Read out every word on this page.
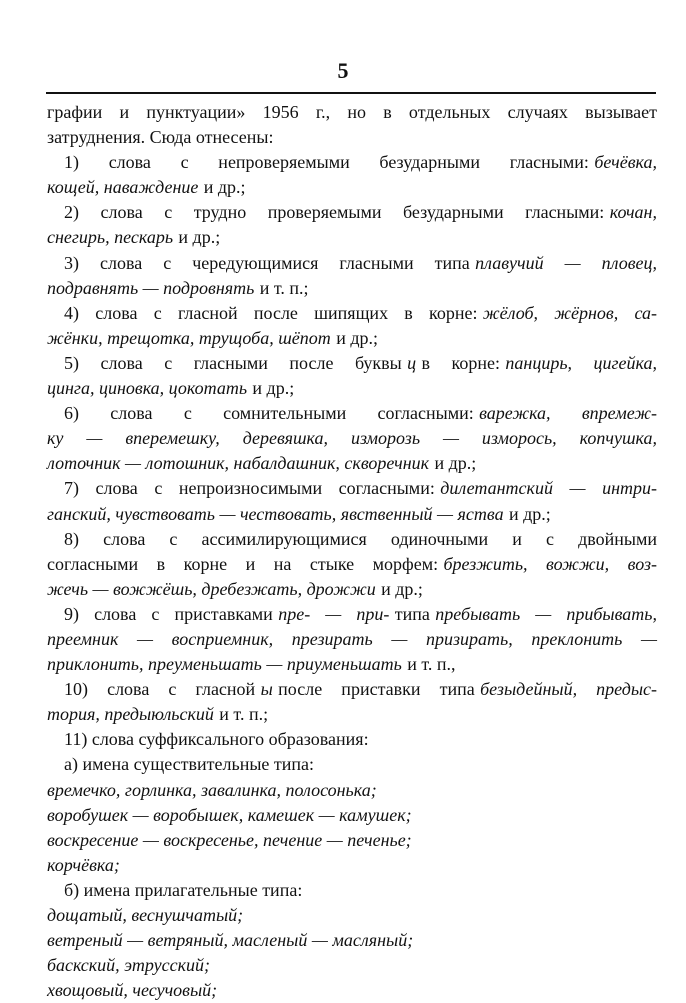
5
графии и пунктуации» 1956 г., но в отдельных случаях вызывает
затруднения. Сюда отнесены:
1) слова с непроверяемыми безударными гласными: бечёвка,
кощей, наваждение и др.;
2) слова с трудно проверяемыми безударными гласными: кочан,
снегирь, пескарь и др.;
3) слова с чередующимися гласными типа плавучий — пловец,
подравнять — подровнять и т. п.;
4) слова с гласной после шипящих в корне: жёлоб, жёрнов, са-
жёнки, трещотка, трущоба, шёпот и др.;
5) слова с гласными после буквы ц в корне: панцирь, цигейка,
цинга, циновка, цокотать и др.;
6) слова с сомнительными согласными: варежка, впремеж-
ку — вперемешку, деревяшка, изморозь — изморось, копчушка,
лоточник — лотошник, набалдашник, скворечник и др.;
7) слова с непроизносимыми согласными: дилетантский — интри-
ганский, чувствовать — чествовать, явственный — яства и др.;
8) слова с ассимилирующимися одиночными и с двойными
согласными в корне и на стыке морфем: брезжить, вожжи, воз-
жечь — вожжёшь, дребезжать, дрожжи и др.;
9) слова с приставками пре- — при- типа пребывать — прибывать,
преемник — восприемник, презирать — призирать, преклонить —
приклонить, преуменьшать — приуменьшать и т. п.,
10) слова с гласной ы после приставки типа безыдейный, предыс-
тория, предыюльский и т. п.;
11) слова суффиксального образования:
а) имена существительные типа:
времечко, горлинка, завалинка, полосонька;
воробушек — воробышек, камешек — камушек;
воскресение — воскресенье, печение — печенье;
корчёвка;
б) имена прилагательные типа:
дощатый, веснушчатый;
ветреный — ветряный, масленый — масляный;
баскский, этрусский;
хвощовый, чесучовый;
